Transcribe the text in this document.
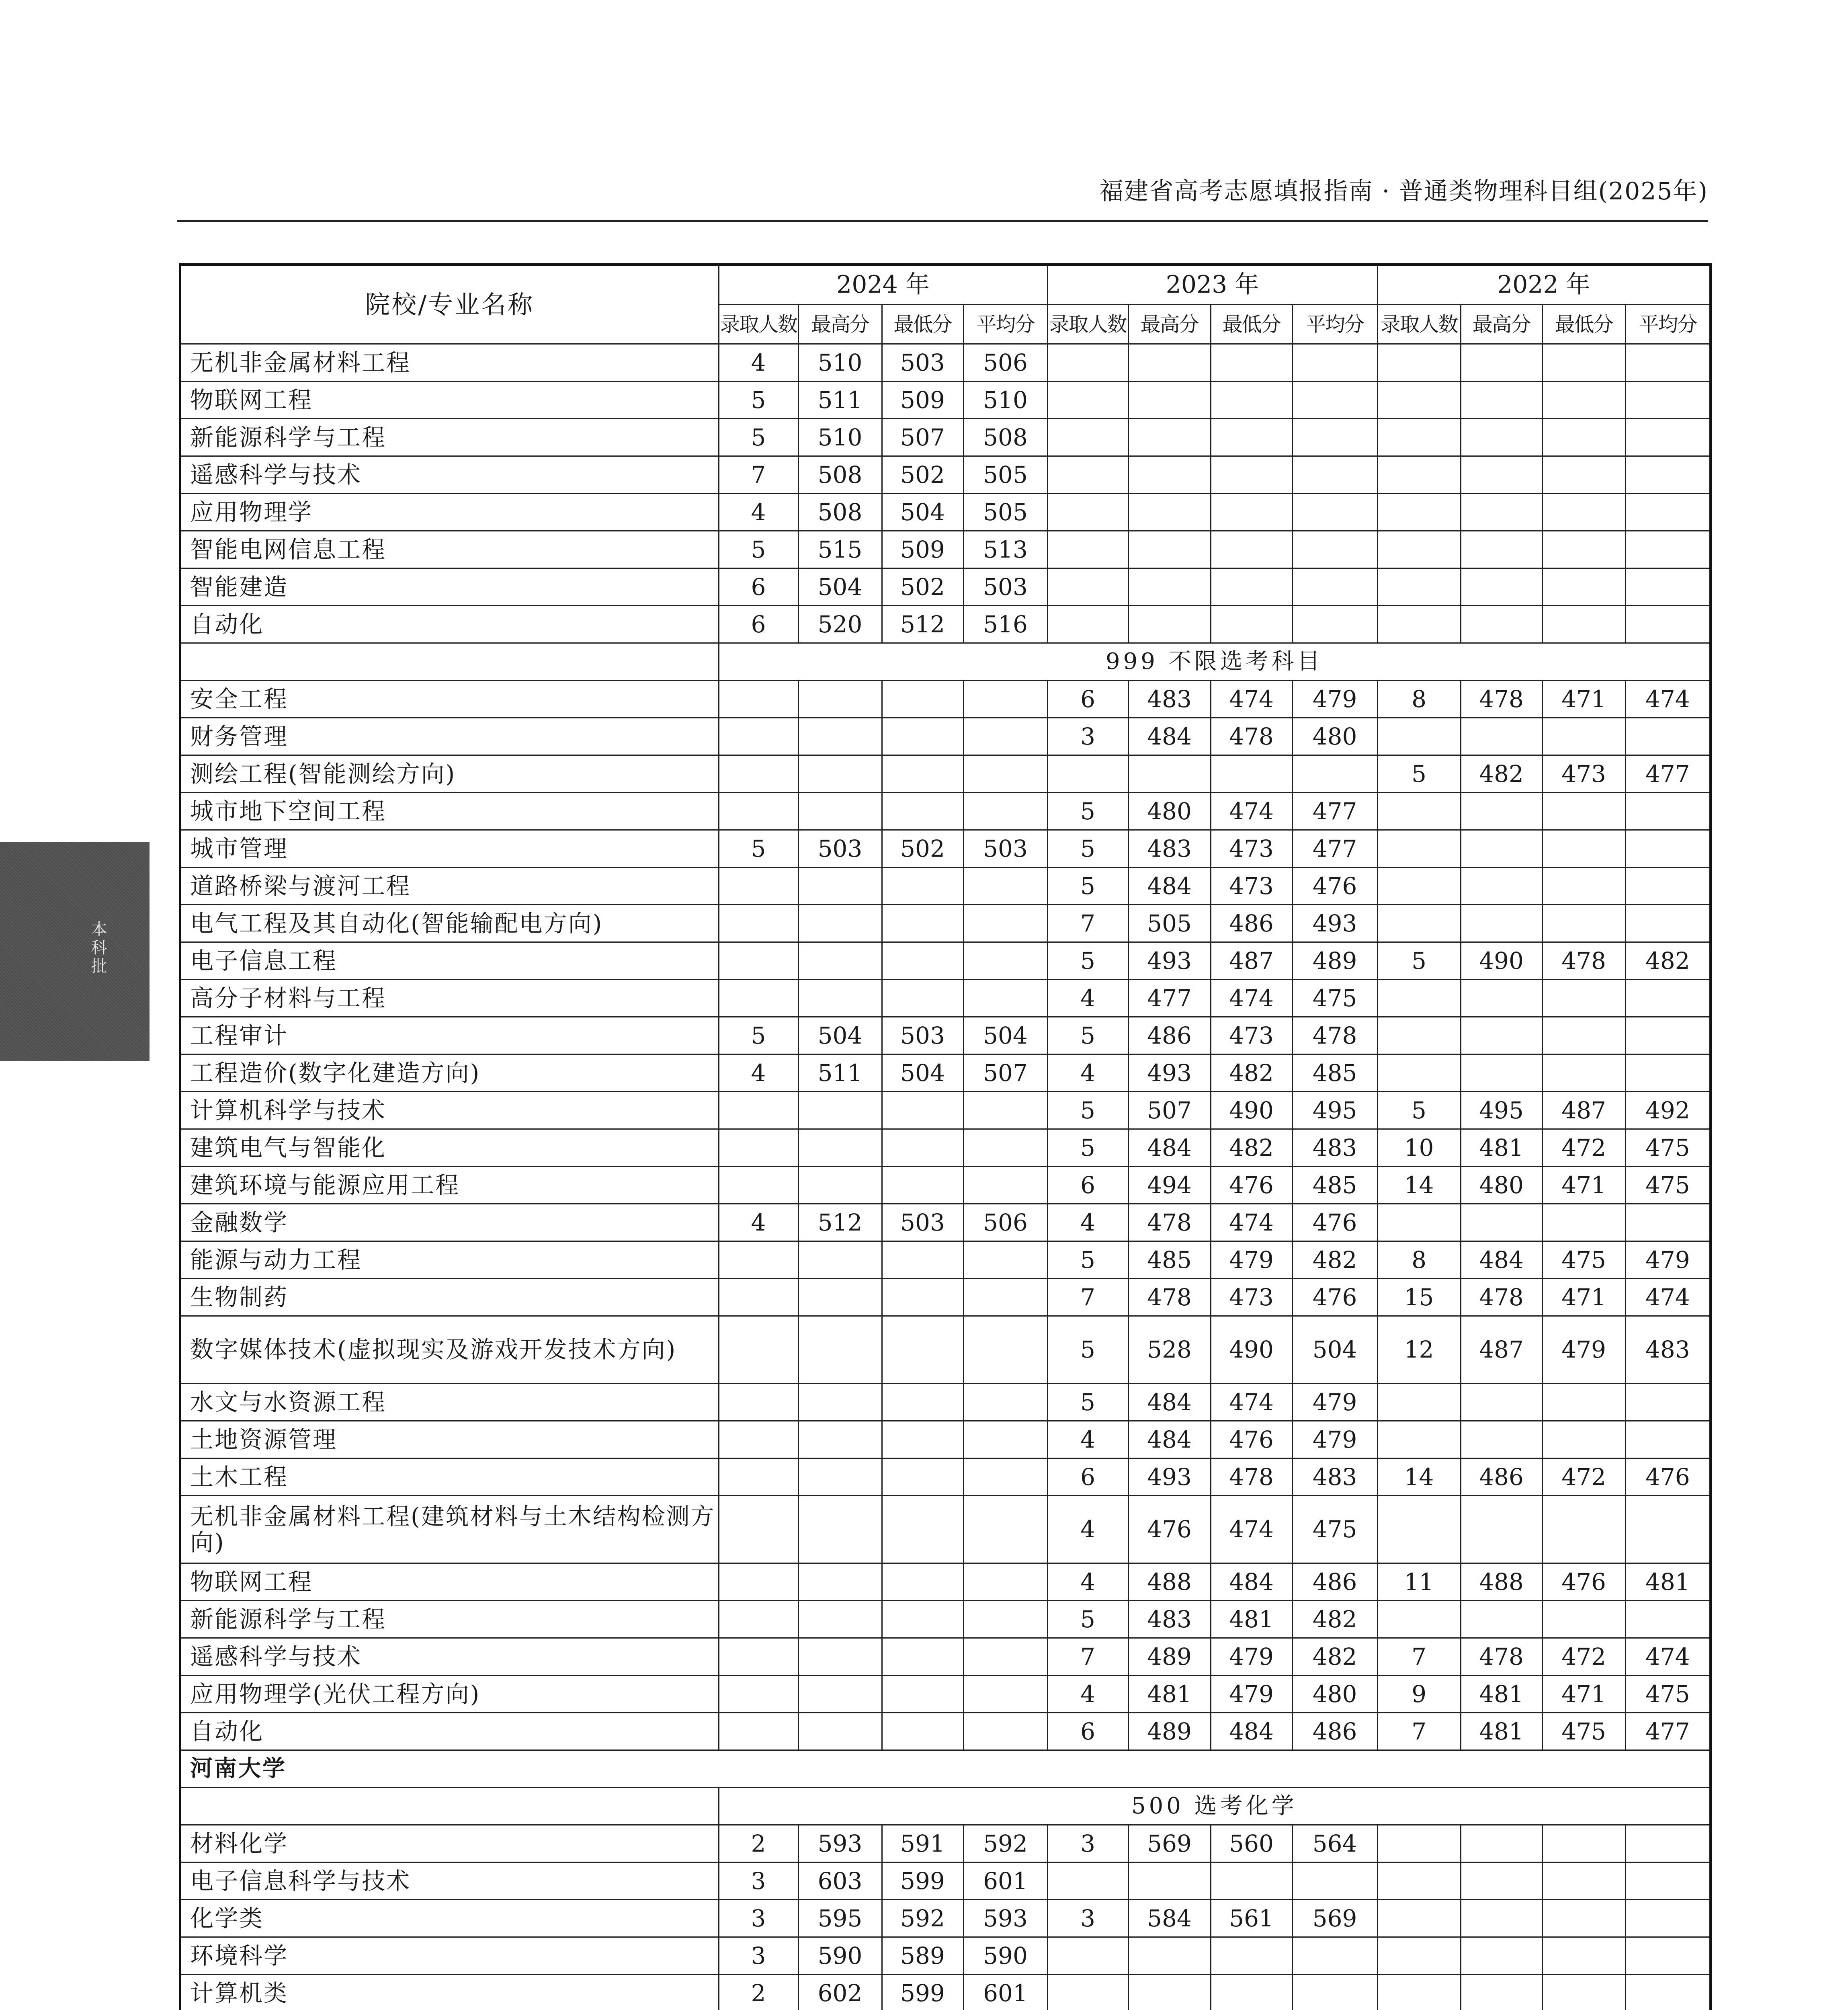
福建省高考志愿填报指南 · 普通类物理科目组(2025年)
本科批
院校/专业名称	2024 年				2023 年				2022 年			
	录取人数	最高分	最低分	平均分	录取人数	最高分	最低分	平均分	录取人数	最高分	最低分	平均分
无机非金属材料工程	4	510	503	506								
物联网工程	5	511	509	510								
新能源科学与工程	5	510	507	508								
遥感科学与技术	7	508	502	505								
应用物理学	4	508	504	505								
智能电网信息工程	5	515	509	513								
智能建造	6	504	502	503								
自动化	6	520	512	516								
	999 不限选考科目											
安全工程					6	483	474	479	8	478	471	474
财务管理					3	484	478	480				
测绘工程(智能测绘方向)									5	482	473	477
城市地下空间工程					5	480	474	477				
城市管理	5	503	502	503	5	483	473	477				
道路桥梁与渡河工程					5	484	473	476				
电气工程及其自动化(智能输配电方向)					7	505	486	493				
电子信息工程					5	493	487	489	5	490	478	482
高分子材料与工程					4	477	474	475				
工程审计	5	504	503	504	5	486	473	478				
工程造价(数字化建造方向)	4	511	504	507	4	493	482	485				
计算机科学与技术					5	507	490	495	5	495	487	492
建筑电气与智能化					5	484	482	483	10	481	472	475
建筑环境与能源应用工程					6	494	476	485	14	480	471	475
金融数学	4	512	503	506	4	478	474	476				
能源与动力工程					5	485	479	482	8	484	475	479
生物制药					7	478	473	476	15	478	471	474
数字媒体技术(虚拟现实及游戏开发技术方向)					5	528	490	504	12	487	479	483
水文与水资源工程					5	484	474	479				
土地资源管理					4	484	476	479				
土木工程					6	493	478	483	14	486	472	476
无机非金属材料工程(建筑材料与土木结构检测方向)					4	476	474	475				
物联网工程					4	488	484	486	11	488	476	481
新能源科学与工程					5	483	481	482				
遥感科学与技术					7	489	479	482	7	478	472	474
应用物理学(光伏工程方向)					4	481	479	480	9	481	471	475
自动化					6	489	484	486	7	481	475	477
河南大学												
	500 选考化学											
材料化学	2	593	591	592	3	569	560	564				
电子信息科学与技术	3	603	599	601								
化学类	3	595	592	593	3	584	561	569				
环境科学	3	590	589	590								
计算机类	2	602	599	601								
